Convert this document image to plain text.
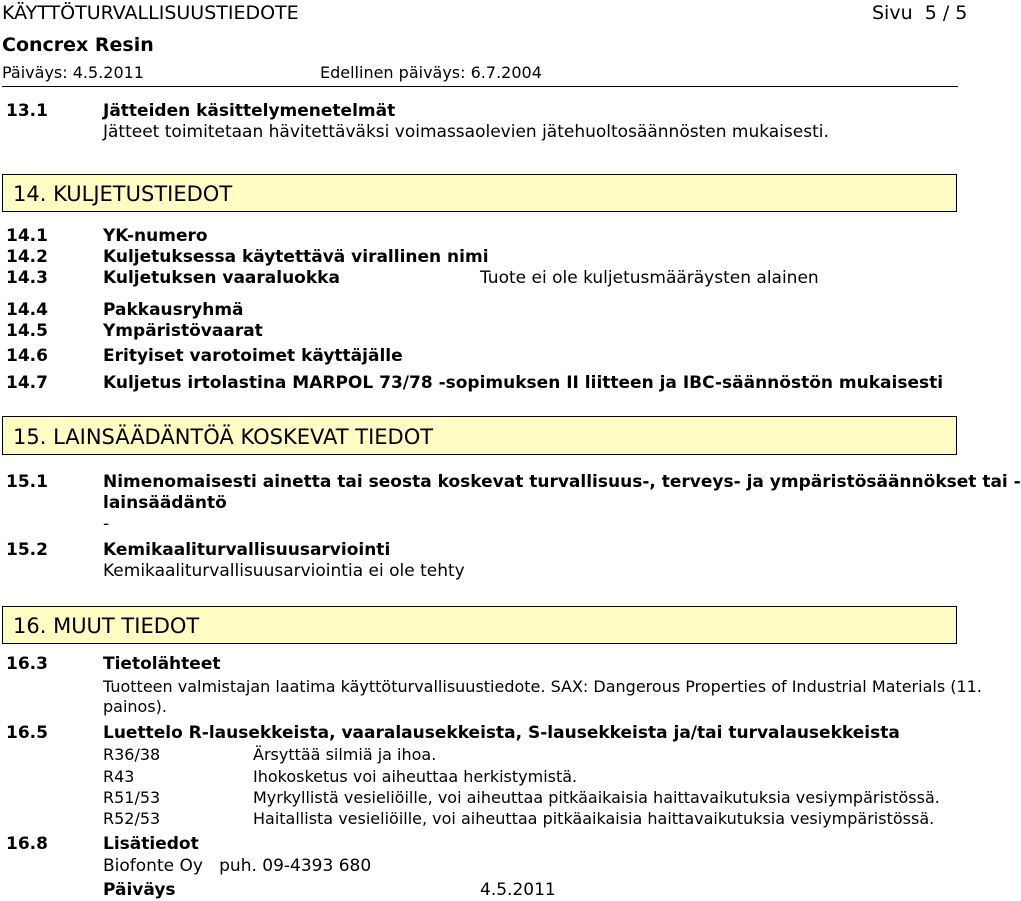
KÄYTTÖTURVALLISUUSTIEDOTE	Sivu 5 / 5
Concrex Resin
Päiväys: 4.5.2011	Edellinen päiväys: 6.7.2004
13.1	Jätteiden käsittelymenetelmät
Jätteet toimitetaan hävitettäväksi voimassaolevien jätehuoltosäännösten mukaisesti.
14. KULJETUSTIEDOT
14.1	YK-numero
14.2	Kuljetuksessa käytettävä virallinen nimi
14.3	Kuljetuksen vaaraluokka	Tuote ei ole kuljetusmääräysten alainen
14.4	Pakkausryhmä
14.5	Ympäristövaarat
14.6	Erityiset varotoimet käyttäjälle
14.7	Kuljetus irtolastina MARPOL 73/78 -sopimuksen II liitteen ja IBC-säännöstön mukaisesti
15. LAINSÄÄDÄNTÖÄ KOSKEVAT TIEDOT
15.1	Nimenomaisesti ainetta tai seosta koskevat turvallisuus-, terveys- ja ympäristösäännökset tai -
lainsäädäntö
-
15.2	Kemikaaliturvallisuusarviointi
Kemikaaliturvallisuusarviointia ei ole tehty
16. MUUT TIEDOT
16.3	Tietolähteet
Tuotteen valmistajan laatima käyttöturvallisuustiedote. SAX: Dangerous Properties of Industrial Materials (11.
painos).
16.5	Luettelo R-lausekkeista, vaaralausekkeista, S-lausekkeista ja/tai turvalausekkeista
R36/38	Ärsyttää silmiä ja ihoa.
R43	Ihokosketus voi aiheuttaa herkistymistä.
R51/53	Myrkyllistä vesieliöille, voi aiheuttaa pitkäaikaisia haittavaikutuksia vesiympäristössä.
R52/53	Haitallista vesieliöille, voi aiheuttaa pitkäaikaisia haittavaikutuksia vesiympäristössä.
16.8	Lisätiedot
Biofonte Oy   puh. 09-4393 680
Päiväys	4.5.2011
